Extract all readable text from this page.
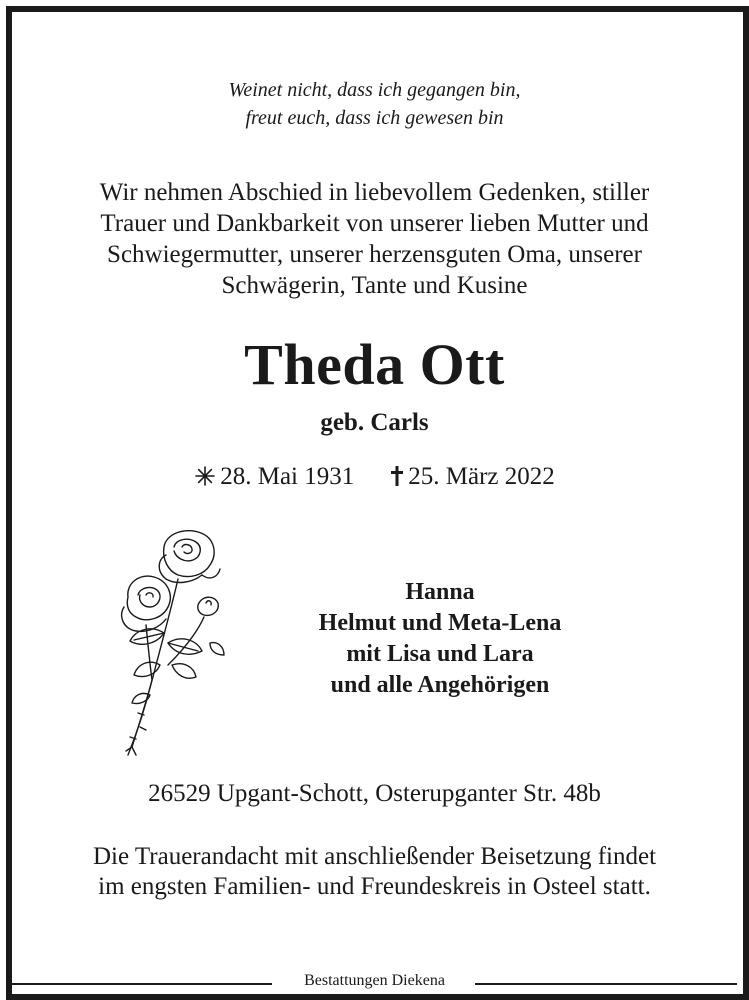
Weinet nicht, dass ich gegangen bin,
freut euch, dass ich gewesen bin
Wir nehmen Abschied in liebevollem Gedenken, stiller
Trauer und Dankbarkeit von unserer lieben Mutter und
Schwiegermutter, unserer herzensguten Oma, unserer
Schwägerin, Tante und Kusine
Theda Ott
geb. Carls
28. Mai 1931 25. März 2022
Hanna
Helmut und Meta-Lena
mit Lisa und Lara
und alle Angehörigen
26529 Upgant-Schott, Osterupganter Str. 48b
Die Trauerandacht mit anschließender Beisetzung findet
im engsten Familien- und Freundeskreis in Osteel statt.
Bestattungen Diekena
